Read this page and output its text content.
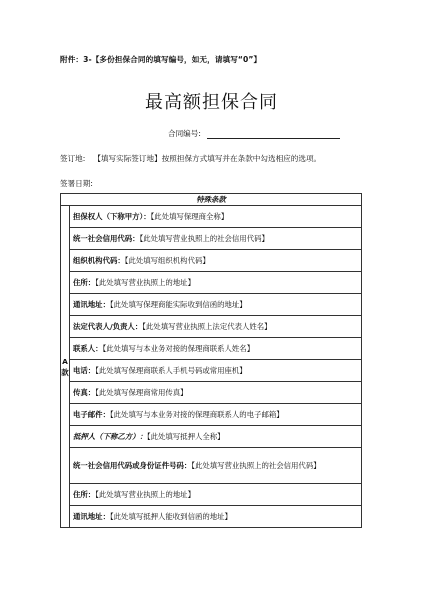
附件：3-【多份担保合同的填写编号，如无，请填写“0”】
最高额担保合同
合同编号:
签订地: 【填写实际签订地】按照担保方式填写并在条款中勾选相应的选项。
签署日期:
特殊条款
A款	担保权人（下称甲方）：【此处填写保理商全称】
统一社会信用代码：【此处填写营业执照上的社会信用代码】
组织机构代码：【此处填写组织机构代码】
住所：【此处填写营业执照上的地址】
通讯地址：【此处填写保理商能实际收到信函的地址】
法定代表人/负责人：【此处填写营业执照上法定代表人姓名】
联系人：【此处填写与本业务对接的保理商联系人姓名】
电话：【此处填写保理商联系人手机号码或常用座机】
传真：【此处填写保理商常用传真】
电子邮件：【此处填写与本业务对接的保理商联系人的电子邮箱】
抵押人（下称乙方）：【此处填写抵押人全称】

统一社会信用代码或身份证件号码：【此处填写营业执照上的社会信用代码】

住所：【此处填写营业执照上的地址】
通讯地址：【此处填写抵押人能收到信函的地址】
